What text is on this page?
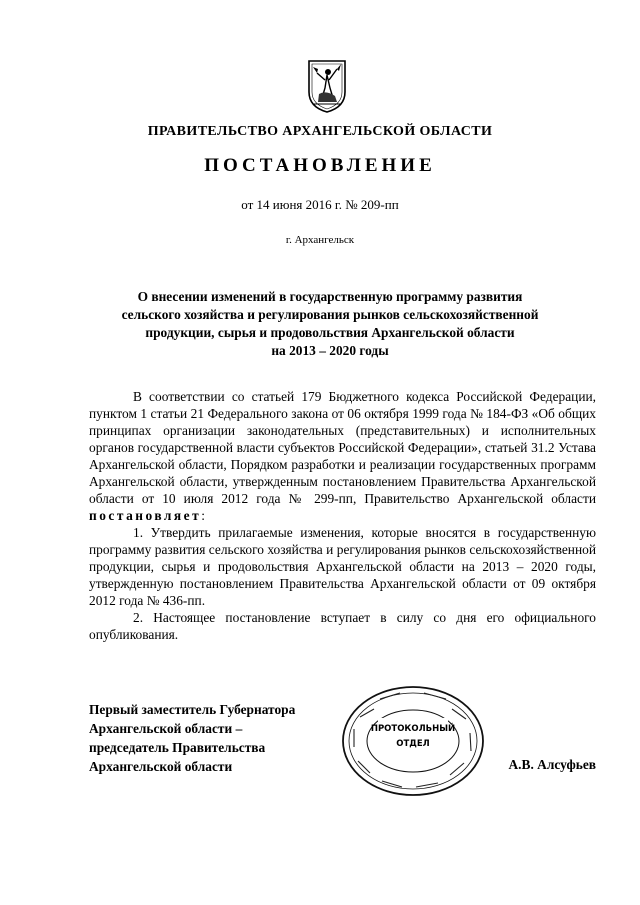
ПРАВИТЕЛЬСТВО АРХАНГЕЛЬСКОЙ ОБЛАСТИ
ПОСТАНОВЛЕНИЕ
от 14 июня 2016 г. № 209-пп
г. Архангельск
О внесении изменений в государственную программу развития
сельского хозяйства и регулирования рынков сельскохозяйственной
продукции, сырья и продовольствия Архангельской области
на 2013 – 2020 годы

В соответствии со статьей 179 Бюджетного кодекса Российской Федерации, пунктом 1 статьи 21 Федерального закона от 06 октября 1999 года № 184-ФЗ «Об общих принципах организации законодательных (представительных) и исполнительных органов государственной власти субъектов Российской Федерации», статьей 31.2 Устава Архангельской области, Порядком разработки и реализации государственных программ Архангельской области, утвержденным постановлением Правительства Архангельской области от 10 июля 2012 года № 299-пп, Правительство Архангельской области постановляет:

1. Утвердить прилагаемые изменения, которые вносятся в государственную программу развития сельского хозяйства и регулирования рынков сельскохозяйственной продукции, сырья и продовольствия Архангельской области на 2013 – 2020 годы, утвержденную постановлением Правительства Архангельской области от 09 октября 2012 года № 436-пп.

2. Настоящее постановление вступает в силу со дня его официального опубликования.

Первый заместитель Губернатора
Архангельской области –
председатель Правительства
Архангельской области
ПРОТОКОЛЬНЫЙ
ОТДЕЛ
А.В. Алсуфьев
